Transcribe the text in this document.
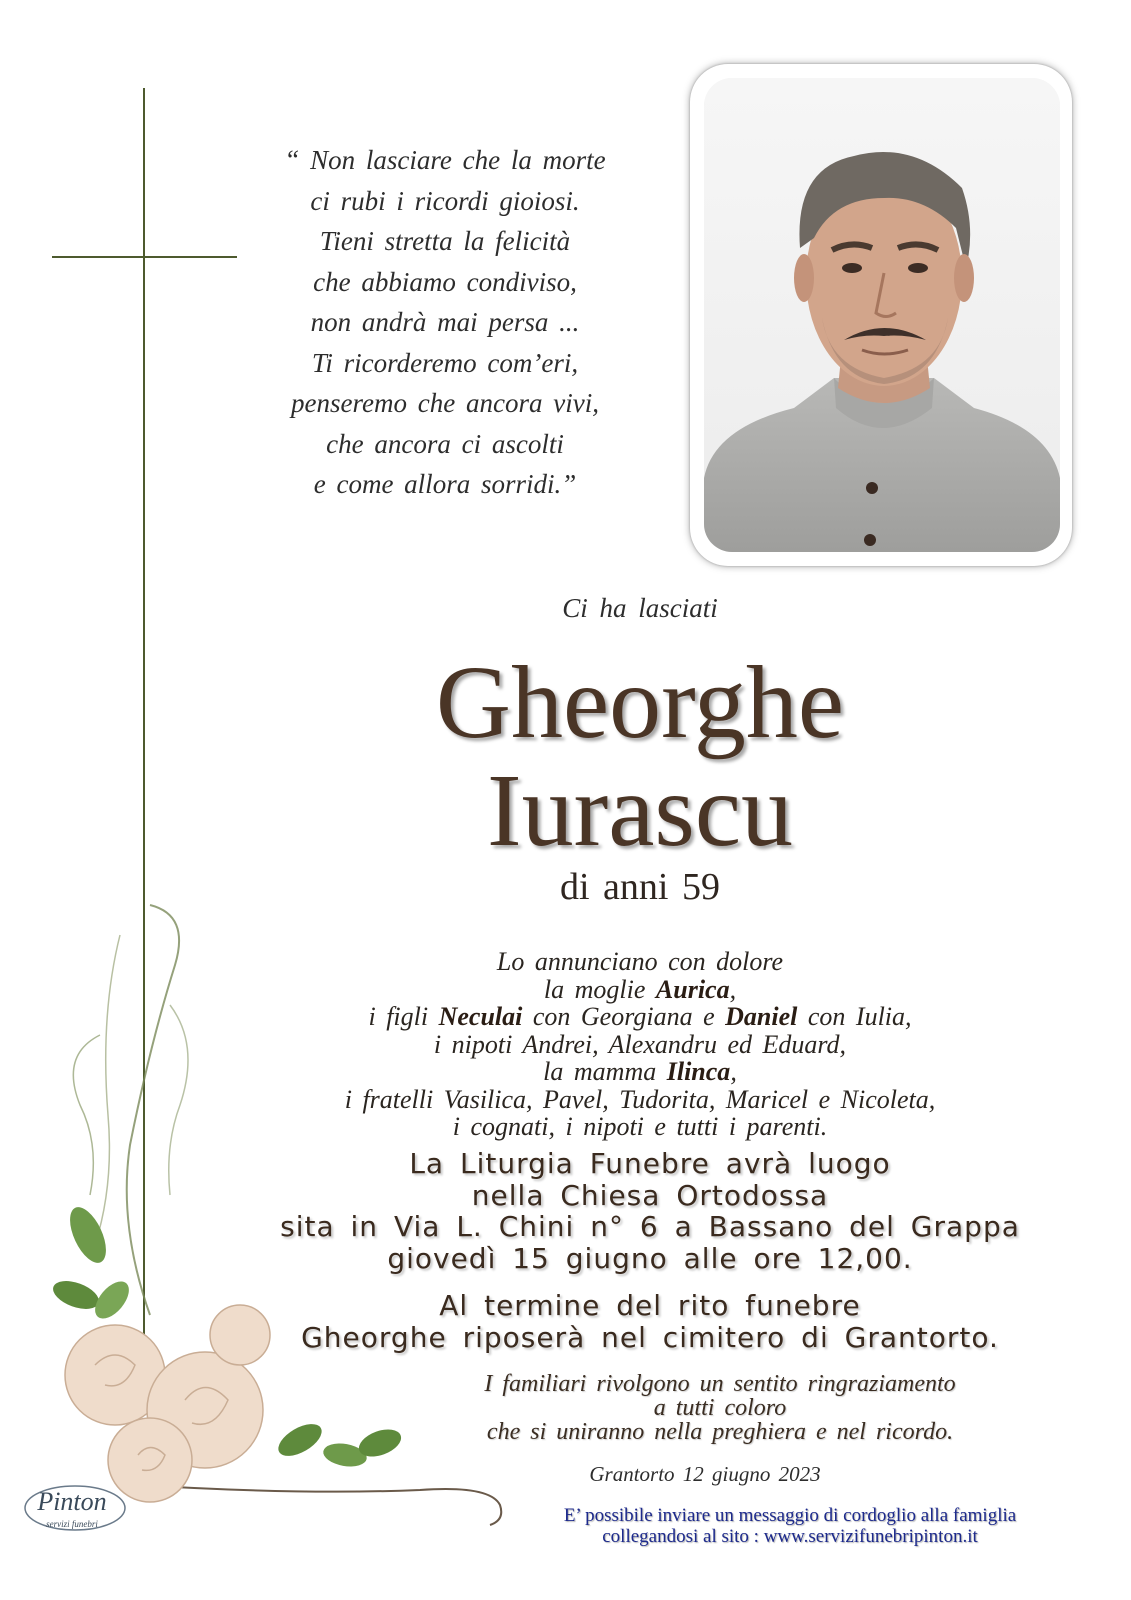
“ Non lasciare che la morte
ci rubi i ricordi gioiosi.
Tieni stretta la felicità
che abbiamo condiviso,
non andrà mai persa ...
Ti ricorderemo com’eri,
penseremo che ancora vivi,
che ancora ci ascolti
e come allora sorridi.”
Ci ha lasciati
Gheorghe
Iurascu
di anni 59
Lo annunciano con dolore
la moglie Aurica,
i figli Neculai con Georgiana e Daniel con Iulia,
i nipoti Andrei, Alexandru ed Eduard,
la mamma Ilinca,
i fratelli Vasilica, Pavel, Tudorita, Maricel e Nicoleta,
i cognati, i nipoti e tutti i parenti.
La Liturgia Funebre avrà luogo
nella Chiesa Ortodossa
sita in Via L. Chini n° 6 a Bassano del Grappa
giovedì 15 giugno alle ore 12,00.
Al termine del rito funebre
Gheorghe riposerà nel cimitero di Grantorto.
I familiari rivolgono un sentito ringraziamento
a tutti coloro
che si uniranno nella preghiera e nel ricordo.
Grantorto 12 giugno 2023
E’ possibile inviare un messaggio di cordoglio alla famiglia
collegandosi al sito : www.servizifunebripinton.it
Pinton
servizi funebri
